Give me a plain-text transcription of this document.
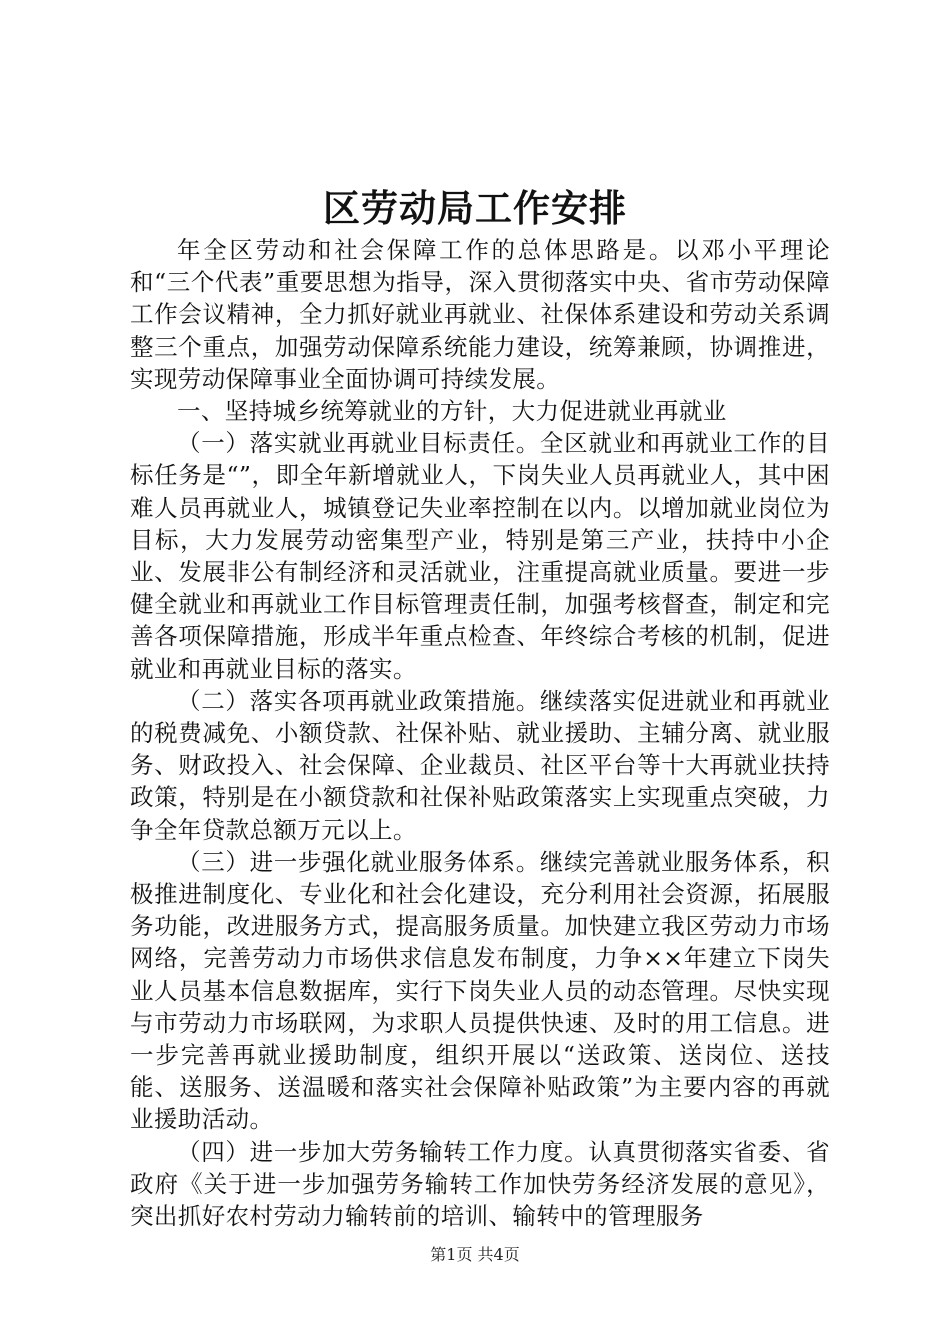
区劳动局工作安排

年全区劳动和社会保障工作的总体思路是。以邓小平理论和“三个代表”重要思想为指导，深入贯彻落实中央、省市劳动保障工作会议精神，全力抓好就业再就业、社保体系建设和劳动关系调整三个重点，加强劳动保障系统能力建设，统筹兼顾，协调推进，实现劳动保障事业全面协调可持续发展。

一、坚持城乡统筹就业的方针，大力促进就业再就业

（一）落实就业再就业目标责任。全区就业和再就业工作的目标任务是“”，即全年新增就业人，下岗失业人员再就业人，其中困难人员再就业人，城镇登记失业率控制在以内。以增加就业岗位为目标，大力发展劳动密集型产业，特别是第三产业，扶持中小企业、发展非公有制经济和灵活就业，注重提高就业质量。要进一步健全就业和再就业工作目标管理责任制，加强考核督查，制定和完善各项保障措施，形成半年重点检查、年终综合考核的机制，促进就业和再就业目标的落实。

（二）落实各项再就业政策措施。继续落实促进就业和再就业的税费减免、小额贷款、社保补贴、就业援助、主辅分离、就业服务、财政投入、社会保障、企业裁员、社区平台等十大再就业扶持政策，特别是在小额贷款和社保补贴政策落实上实现重点突破，力争全年贷款总额万元以上。

（三）进一步强化就业服务体系。继续完善就业服务体系，积极推进制度化、专业化和社会化建设，充分利用社会资源，拓展服务功能，改进服务方式，提高服务质量。加快建立我区劳动力市场网络，完善劳动力市场供求信息发布制度，力争××年建立下岗失业人员基本信息数据库，实行下岗失业人员的动态管理。尽快实现与市劳动力市场联网，为求职人员提供快速、及时的用工信息。进一步完善再就业援助制度，组织开展以“送政策、送岗位、送技能、送服务、送温暖和落实社会保障补贴政策”为主要内容的再就业援助活动。

（四）进一步加大劳务输转工作力度。认真贯彻落实省委、省政府《关于进一步加强劳务输转工作加快劳务经济发展的意见》，突出抓好农村劳动力输转前的培训、输转中的管理服务

第1页 共4页
